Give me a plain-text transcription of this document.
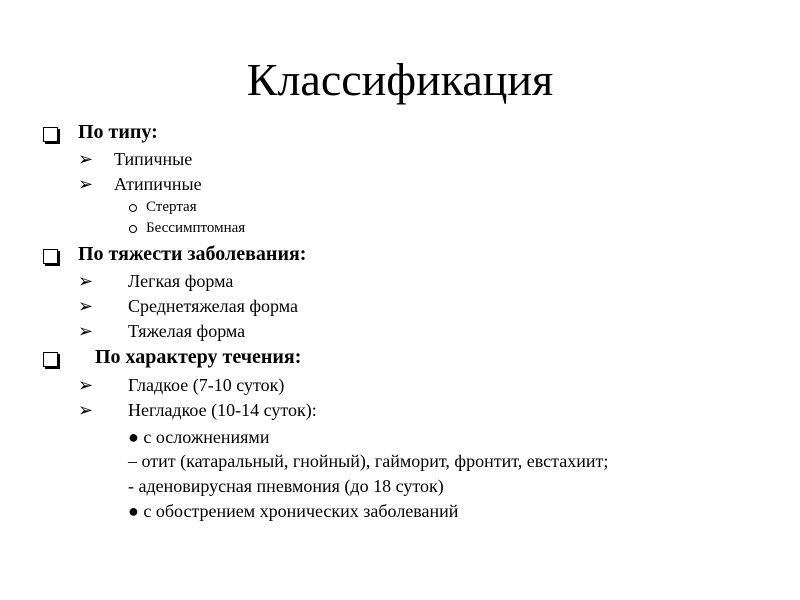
Классификация
По типу:
➢ Типичные
➢ Атипичные
Стертая
Бессимптомная
По тяжести заболевания:
➢ Легкая форма
➢ Среднетяжелая форма
➢ Тяжелая форма
По характеру течения:
➢ Гладкое (7-10 суток)
➢ Негладкое (10-14 суток):
● с осложнениями
– отит (катаральный, гнойный), гайморит, фронтит, евстахиит;
- аденовирусная пневмония (до 18 суток)
● с обострением хронических заболеваний
